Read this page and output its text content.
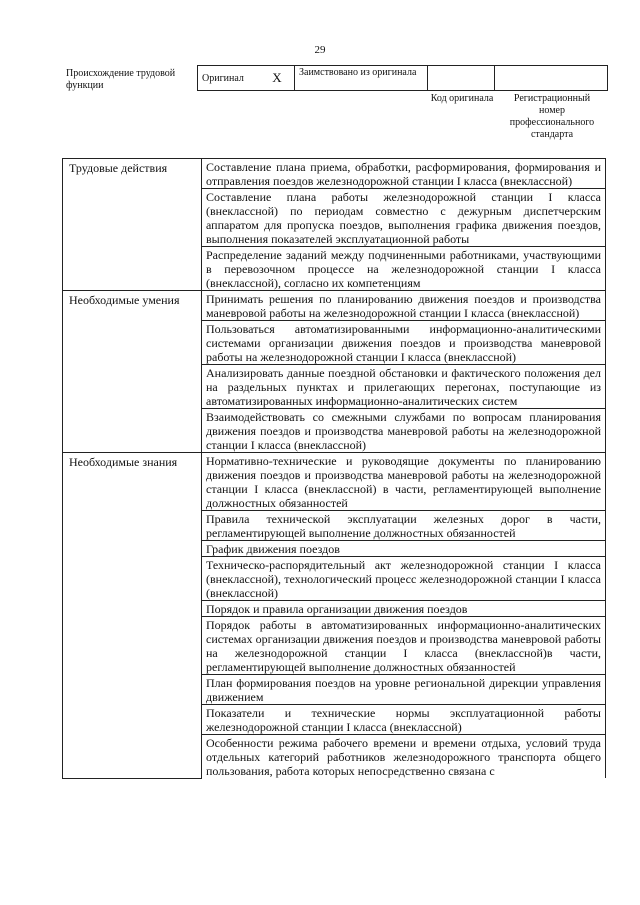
29
Происхождение трудовой функции
Оригинал	X	Заимствовано из оригинала		
Код оригинала	Регистрационный номер профессионального стандарта
Трудовые действия	Составление плана приема, обработки, расформирования, формирования и отправления поездов железнодорожной станции I класса (внеклассной)
	Составление плана работы железнодорожной станции I класса (внеклассной) по периодам совместно с дежурным диспетчерским аппаратом для пропуска поездов, выполнения графика движения поездов, выполнения показателей эксплуатационной работы
	Распределение заданий между подчиненными работниками, участвующими в перевозочном процессе на железнодорожной станции I класса (внеклассной), согласно их компетенциям
Необходимые умения	Принимать решения по планированию движения поездов и производства маневровой работы на железнодорожной станции I класса (внеклассной)
	Пользоваться автоматизированными информационно-аналитическими системами организации движения поездов и производства маневровой работы на железнодорожной станции I класса (внеклассной)
	Анализировать данные поездной обстановки и фактического положения дел на раздельных пунктах и прилегающих перегонах, поступающие из автоматизированных информационно-аналитических систем
	Взаимодействовать со смежными службами по вопросам планирования движения поездов и производства маневровой работы на железнодорожной станции I класса (внеклассной)
Необходимые знания	Нормативно-технические и руководящие документы по планированию движения поездов и производства маневровой работы на железнодорожной станции I класса (внеклассной) в части, регламентирующей выполнение должностных обязанностей
	Правила технической эксплуатации железных дорог в части, регламентирующей выполнение должностных обязанностей
	График движения поездов
	Техническо-распорядительный акт железнодорожной станции I класса (внеклассной), технологический процесс железнодорожной станции I класса (внеклассной)
	Порядок и правила организации движения поездов
	Порядок работы в автоматизированных информационно-аналитических системах организации движения поездов и производства маневровой работы на железнодорожной станции I класса (внеклассной)в части, регламентирующей выполнение должностных обязанностей
	План формирования поездов на уровне региональной дирекции управления движением
	Показатели и технические нормы эксплуатационной работы железнодорожной станции I класса (внеклассной)
	Особенности режима рабочего времени и времени отдыха, условий труда отдельных категорий работников железнодорожного транспорта общего пользования, работа которых непосредственно связана с
